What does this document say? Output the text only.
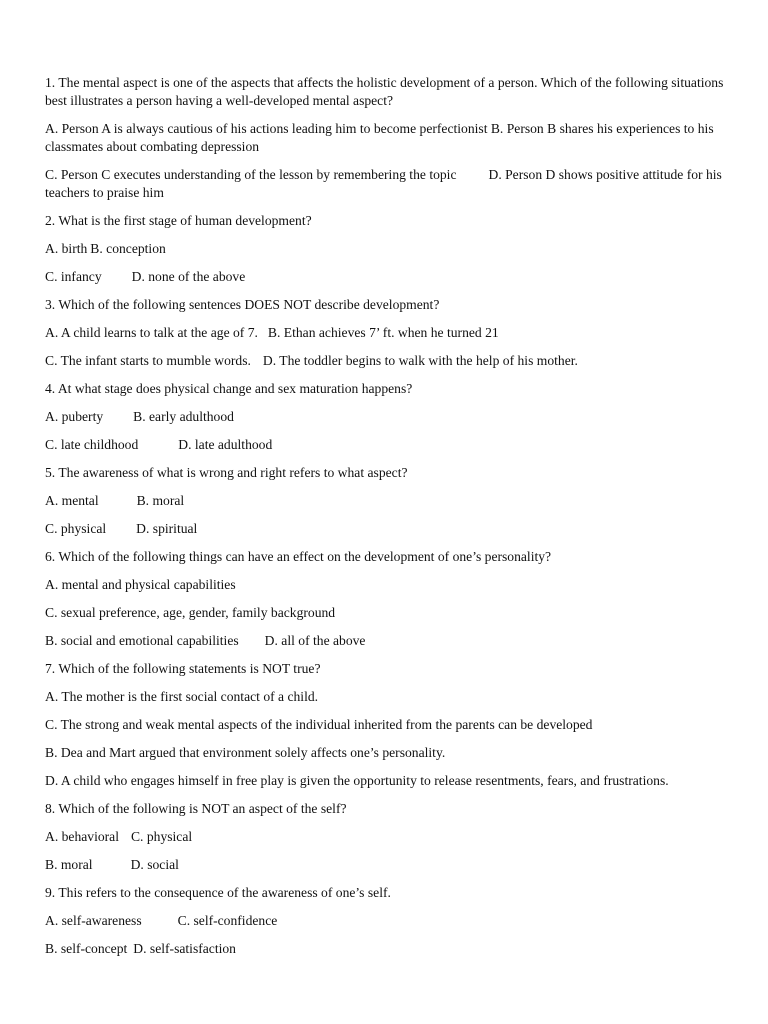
1. The mental aspect is one of the aspects that affects the holistic development of a person. Which of the following situations best illustrates a person having a well-developed mental aspect?
A. Person A is always cautious of his actions leading him to become perfectionist B. Person B shares his experiences to his classmates about combating depression
C. Person C executes understanding of the lesson by remembering the topic D. Person D shows positive attitude for his teachers to praise him
2. What is the first stage of human development?
A. birth B. conception
C. infancy D. none of the above
3. Which of the following sentences DOES NOT describe development?
A. A child learns to talk at the age of 7. B. Ethan achieves 7’ ft. when he turned 21
C. The infant starts to mumble words. D. The toddler begins to walk with the help of his mother.
4. At what stage does physical change and sex maturation happens?
A. puberty B. early adulthood
C. late childhood	D. late adulthood
5. The awareness of what is wrong and right refers to what aspect?
A. mental	B. moral
C. physical D. spiritual
6. Which of the following things can have an effect on the development of one’s personality?
A. mental and physical capabilities
C. sexual preference, age, gender, family background
B. social and emotional capabilities D. all of the above
7. Which of the following statements is NOT true?
A. The mother is the first social contact of a child.
C. The strong and weak mental aspects of the individual inherited from the parents can be developed
B. Dea and Mart argued that environment solely affects one’s personality.
D. A child who engages himself in free play is given the opportunity to release resentments, fears, and frustrations.
8. Which of the following is NOT an aspect of the self?
A. behavioral C. physical
B. moral	D. social
9. This refers to the consequence of the awareness of one’s self.
A. self-awareness	C. self-confidence
B. self-concept D. self-satisfaction
